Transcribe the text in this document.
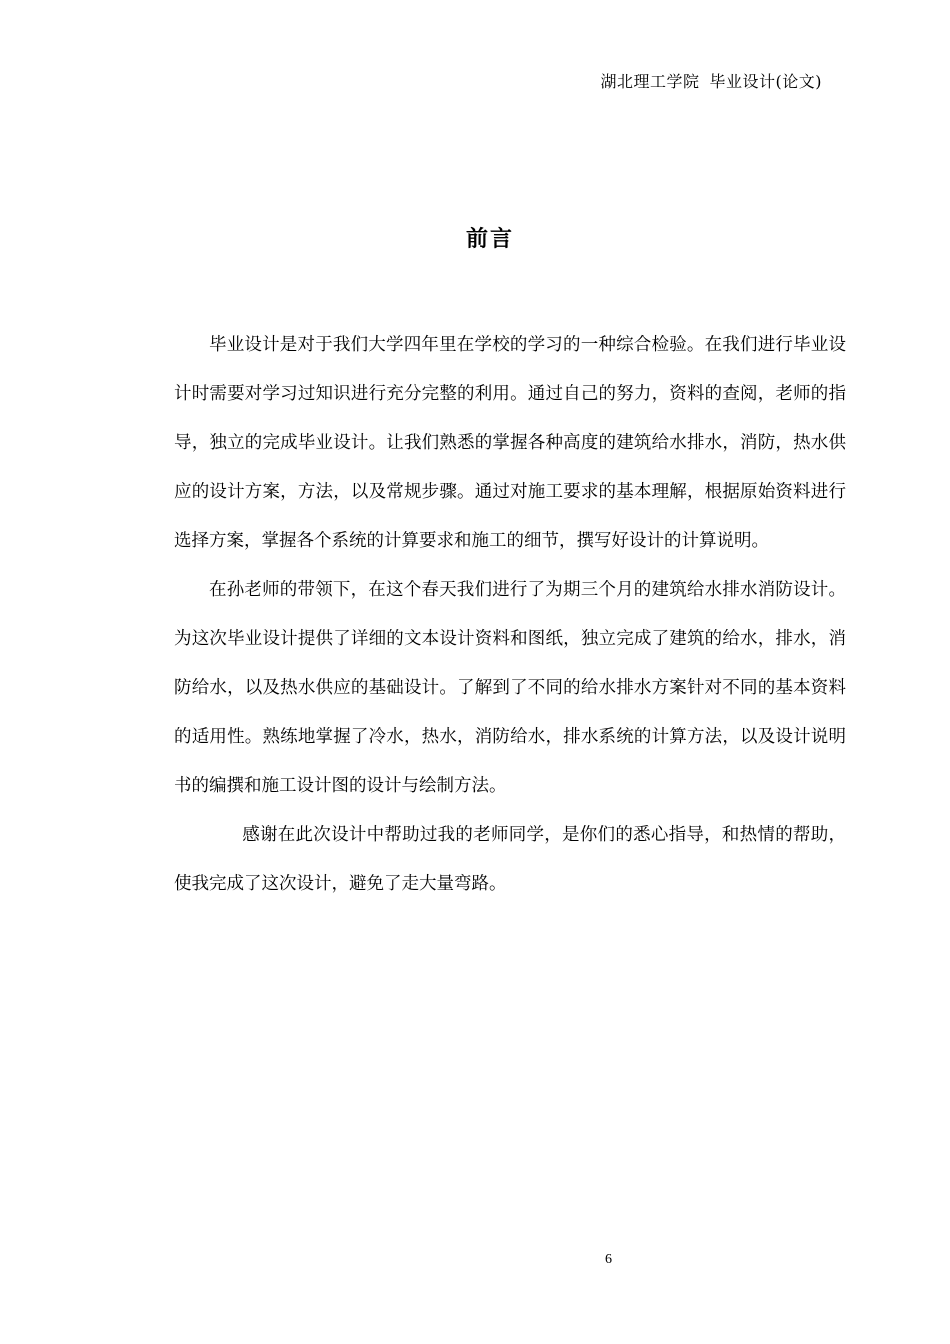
湖北理工学院 毕业设计(论文)
前言

毕业设计是对于我们大学四年里在学校的学习的一种综合检验。在我们进行毕业设计时需要对学习过知识进行充分完整的利用。通过自己的努力，资料的查阅，老师的指导，独立的完成毕业设计。让我们熟悉的掌握各种高度的建筑给水排水，消防，热水供应的设计方案，方法，以及常规步骤。通过对施工要求的基本理解，根据原始资料进行选择方案，掌握各个系统的计算要求和施工的细节，撰写好设计的计算说明。

在孙老师的带领下，在这个春天我们进行了为期三个月的建筑给水排水消防设计。为这次毕业设计提供了详细的文本设计资料和图纸，独立完成了建筑的给水，排水，消防给水，以及热水供应的基础设计。了解到了不同的给水排水方案针对不同的基本资料的适用性。熟练地掌握了冷水，热水，消防给水，排水系统的计算方法，以及设计说明书的编撰和施工设计图的设计与绘制方法。

感谢在此次设计中帮助过我的老师同学，是你们的悉心指导，和热情的帮助，使我完成了这次设计，避免了走大量弯路。

6
